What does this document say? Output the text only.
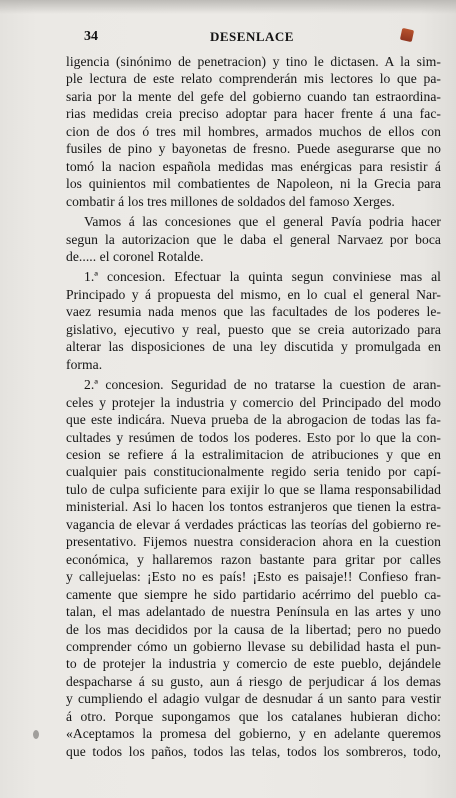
34	DESENLACE
ligencia (sinónimo de penetracion) y tino le dictasen. A la sim-
ple lectura de este relato comprenderán mis lectores lo que pa-
saria por la mente del gefe del gobierno cuando tan estraordina-
rias medidas creia preciso adoptar para hacer frente á una fac-
cion de dos ó tres mil hombres, armados muchos de ellos con
fusiles de pino y bayonetas de fresno. Puede asegurarse que no
tomó la nacion española medidas mas enérgicas para resistir á
los quinientos mil combatientes de Napoleon, ni la Grecia para
combatir á los tres millones de soldados del famoso Xerges.
Vamos á las concesiones que el general Pavía podria hacer
segun la autorizacion que le daba el general Narvaez por boca
de..... el coronel Rotalde.
1.ª concesion. Efectuar la quinta segun conviniese mas al
Principado y á propuesta del mismo, en lo cual el general Nar-
vaez resumia nada menos que las facultades de los poderes le-
gislativo, ejecutivo y real, puesto que se creia autorizado para
alterar las disposiciones de una ley discutida y promulgada en
forma.
2.ª concesion. Seguridad de no tratarse la cuestion de aran-
celes y protejer la industria y comercio del Principado del modo
que este indicára. Nueva prueba de la abrogacion de todas las fa-
cultades y resúmen de todos los poderes. Esto por lo que la con-
cesion se refiere á la estralimitacion de atribuciones y que en
cualquier pais constitucionalmente regido seria tenido por capí-
tulo de culpa suficiente para exijir lo que se llama responsabilidad
ministerial. Asi lo hacen los tontos estranjeros que tienen la estra-
vagancia de elevar á verdades prácticas las teorías del gobierno re-
presentativo. Fijemos nuestra consideracion ahora en la cuestion
económica, y hallaremos razon bastante para gritar por calles
y callejuelas: ¡Esto no es país! ¡Esto es paisaje!! Confieso fran-
camente que siempre he sido partidario acérrimo del pueblo ca-
talan, el mas adelantado de nuestra Península en las artes y uno
de los mas decididos por la causa de la libertad; pero no puedo
comprender cómo un gobierno llevase su debilidad hasta el pun-
to de protejer la industria y comercio de este pueblo, dejándele
despacharse á su gusto, aun á riesgo de perjudicar á los demas
y cumpliendo el adagio vulgar de desnudar á un santo para vestir
á otro. Porque supongamos que los catalanes hubieran dicho:
«Aceptamos la promesa del gobierno, y en adelante queremos
que todos los paños, todos las telas, todos los sombreros, todo,
